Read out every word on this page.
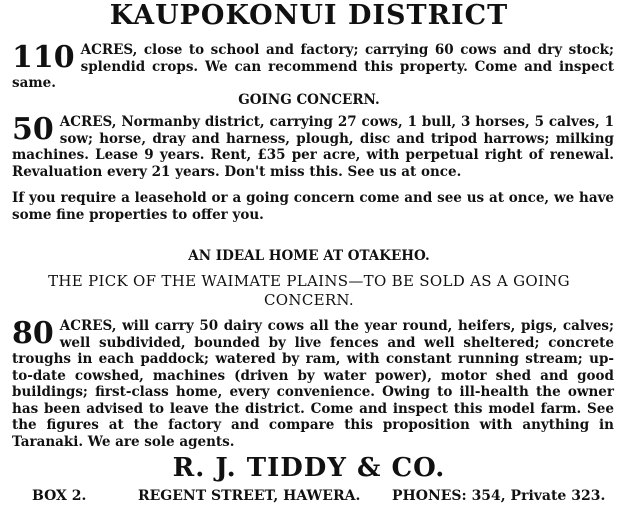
KAUPOKONUI DISTRICT
110 ACRES, close to school and factory; carrying 60 cows and dry stock; splendid crops. We can recommend this property. Come and inspect same.
GOING CONCERN.
50 ACRES, Normanby district, carrying 27 cows, 1 bull, 3 horses, 5 calves, 1 sow; horse, dray and harness, plough, disc and tripod harrows; milking machines. Lease 9 years. Rent, £35 per acre, with perpetual right of renewal. Revaluation every 21 years. Don't miss this. See us at once.
If you require a leasehold or a going concern come and see us at once, we have some fine properties to offer you.
AN IDEAL HOME AT OTAKEHO.
THE PICK OF THE WAIMATE PLAINS—TO BE SOLD AS A GOING
CONCERN.
80 ACRES, will carry 50 dairy cows all the year round, heifers, pigs, calves; well subdivided, bounded by live fences and well sheltered; concrete troughs in each paddock; watered by ram, with constant running stream; up-to-date cowshed, machines (driven by water power), motor shed and good buildings; first-class home, every convenience. Owing to ill-health the owner has been advised to leave the district. Come and inspect this model farm. See the figures at the factory and compare this proposition with anything in Taranaki. We are sole agents.
R. J. TIDDY & CO.
BOX 2.	REGENT STREET, HAWERA. PHONES: 354, Private 323.
